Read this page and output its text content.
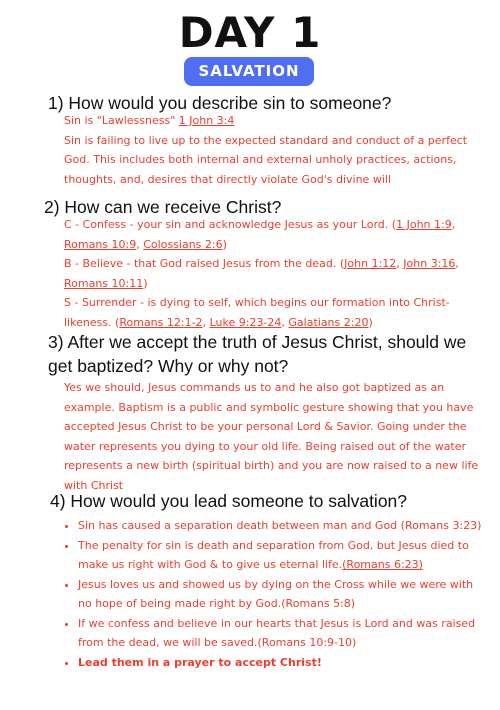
DAY 1
SALVATION
1) How would you describe sin to someone?

Sin is "Lawlessness" 1 John 3:4

Sin is failing to live up to the expected standard and conduct of a perfect God. This includes both internal and external unholy practices, actions, thoughts, and, desires that directly violate God's divine will

2) How can we receive Christ?

C - Confess - your sin and acknowledge Jesus as your Lord. (1 John 1:9, Romans 10:9, Colossians 2:6)

B - Believe - that God raised Jesus from the dead. (John 1:12, John 3:16, Romans 10:11)

S - Surrender - is dying to self, which begins our formation into Christ-likeness. (Romans 12:1-2, Luke 9:23-24, Galatians 2:20)

3) After we accept the truth of Jesus Christ, should we get baptized? Why or why not?
Yes we should, Jesus commands us to and he also got baptized as an example. Baptism is a public and symbolic gesture showing that you have accepted Jesus Christ to be your personal Lord & Savior. Going under the water represents you dying to your old life. Being raised out of the water represents a new birth (spiritual birth) and you are now raised to a new life with Christ
4) How would you lead someone to salvation?
• Sin has caused a separation death between man and God (Romans 3:23)
• The penalty for sin is death and separation from God, but Jesus died to make us right with God & to give us eternal life.(Romans 6:23)
• Jesus loves us and showed us by dying on the Cross while we were with no hope of being made right by God.(Romans 5:8)
• If we confess and believe in our hearts that Jesus is Lord and was raised from the dead, we will be saved.(Romans 10:9-10)
• Lead them in a prayer to accept Christ!
